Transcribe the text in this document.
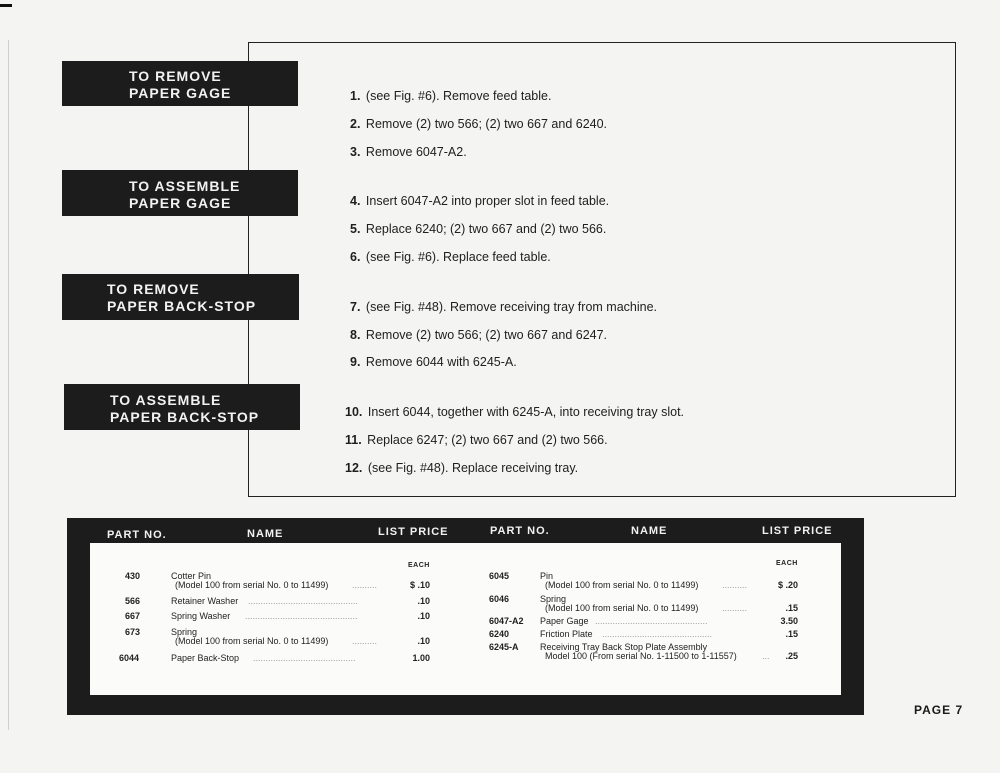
TO REMOVE
PAPER GAGE
TO ASSEMBLE
PAPER GAGE
TO REMOVE
PAPER BACK-STOP
TO ASSEMBLE
PAPER BACK-STOP
1. (see Fig. #6). Remove feed table.
2. Remove (2) two 566; (2) two 667 and 6240.
3. Remove 6047-A2.
4. Insert 6047-A2 into proper slot in feed table.
5. Replace 6240; (2) two 667 and (2) two 566.
6. (see Fig. #6). Replace feed table.
7. (see Fig. #48). Remove receiving tray from machine.
8. Remove (2) two 566; (2) two 667 and 6247.
9. Remove 6044 with 6245-A.
10. Insert 6044, together with 6245-A, into receiving tray slot.
11. Replace 6247; (2) two 667 and (2) two 566.
12. (see Fig. #48). Replace receiving tray.
PART NO.	NAME	LIST PRICE	PART NO.	NAME	LIST PRICE
EACH	EACH
430	Cotter Pin
(Model 100 from serial No. 0 to 11499)	..........	$ .10
566	Retainer Washer ............................................	.10
667	Spring Washer .............................................	.10
673	Spring
(Model 100 from serial No. 0 to 11499)	..........	.10
6044	Paper Back-Stop .........................................	1.00
6045	Pin
(Model 100 from serial No. 0 to 11499)	..........	$ .20
6046	Spring
(Model 100 from serial No. 0 to 11499)	..........	.15
6047-A2 Paper Gage .............................................	3.50
6240	Friction Plate ............................................	.15
6245-A Receiving Tray Back Stop Plate Assembly
Model 100 (From serial No. 1-11500 to 1-11557)	...	.25
PAGE 7
